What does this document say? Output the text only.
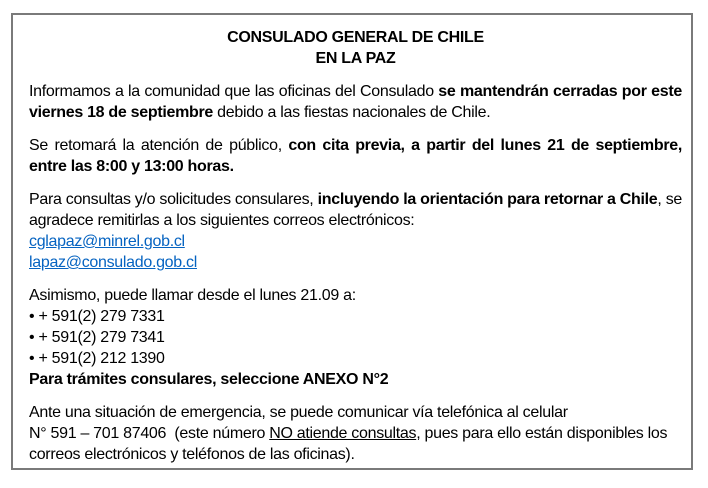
CONSULADO GENERAL DE CHILE
EN LA PAZ

Informamos a la comunidad que las oficinas del Consulado se mantendrán cerradas por este viernes 18 de septiembre debido a las fiestas nacionales de Chile.

Se retomará la atención de público, con cita previa, a partir del lunes 21 de septiembre, entre las 8:00 y 13:00 horas.

Para consultas y/o solicitudes consulares, incluyendo la orientación para retornar a Chile, se agradece remitirlas a los siguientes correos electrónicos:

cglapaz@minrel.gob.cl
lapaz@consulado.gob.cl
Asimismo, puede llamar desde el lunes 21.09 a:
• + 591(2) 279 7331
• + 591(2) 279 7341
• + 591(2) 212 1390
Para trámites consulares, seleccione ANEXO N°2

Ante una situación de emergencia, se puede comunicar vía telefónica al celular
N° 591 – 701 87406  (este número NO atiende consultas, pues para ello están disponibles los correos electrónicos y teléfonos de las oficinas).
